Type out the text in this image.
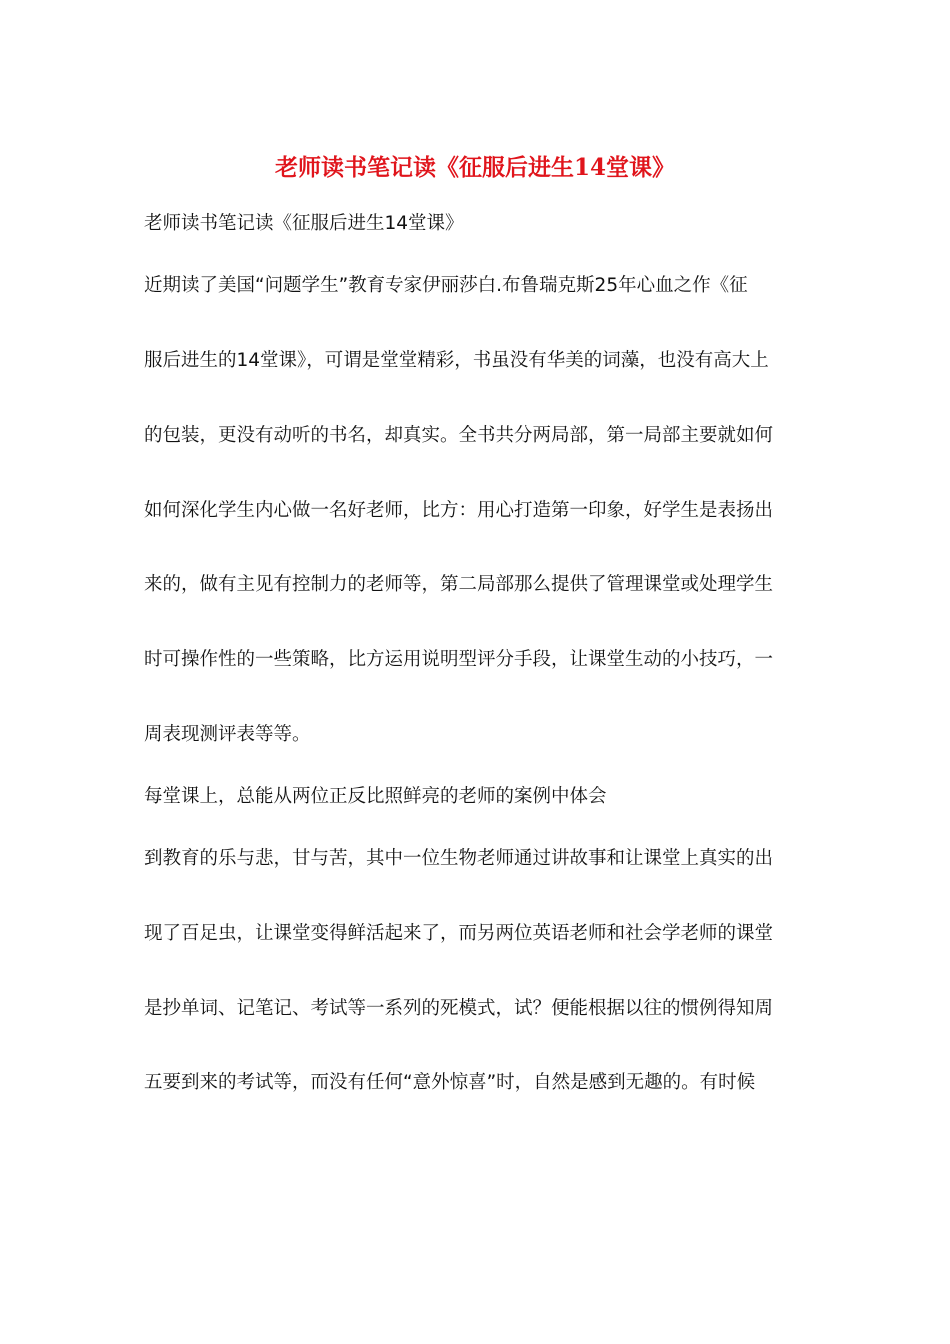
老师读书笔记读《征服后进生14堂课》
老师读书笔记读《征服后进生14堂课》
近期读了美国“问题学生”教育专家伊丽莎白.布鲁瑞克斯25年心血之作《征
服后进生的14堂课》，可谓是堂堂精彩，书虽没有华美的词藻，也没有高大上
的包装，更没有动听的书名，却真实。全书共分两局部，第一局部主要就如何
如何深化学生内心做一名好老师，比方：用心打造第一印象，好学生是表扬出
来的，做有主见有控制力的老师等，第二局部那么提供了管理课堂或处理学生
时可操作性的一些策略，比方运用说明型评分手段，让课堂生动的小技巧，一
周表现测评表等等。
每堂课上，总能从两位正反比照鲜亮的老师的案例中体会
到教育的乐与悲，甘与苦，其中一位生物老师通过讲故事和让课堂上真实的出
现了百足虫，让课堂变得鲜活起来了，而另两位英语老师和社会学老师的课堂
是抄单词、记笔记、考试等一系列的死模式，试？便能根据以往的惯例得知周
五要到来的考试等，而没有任何“意外惊喜”时，自然是感到无趣的。有时候
